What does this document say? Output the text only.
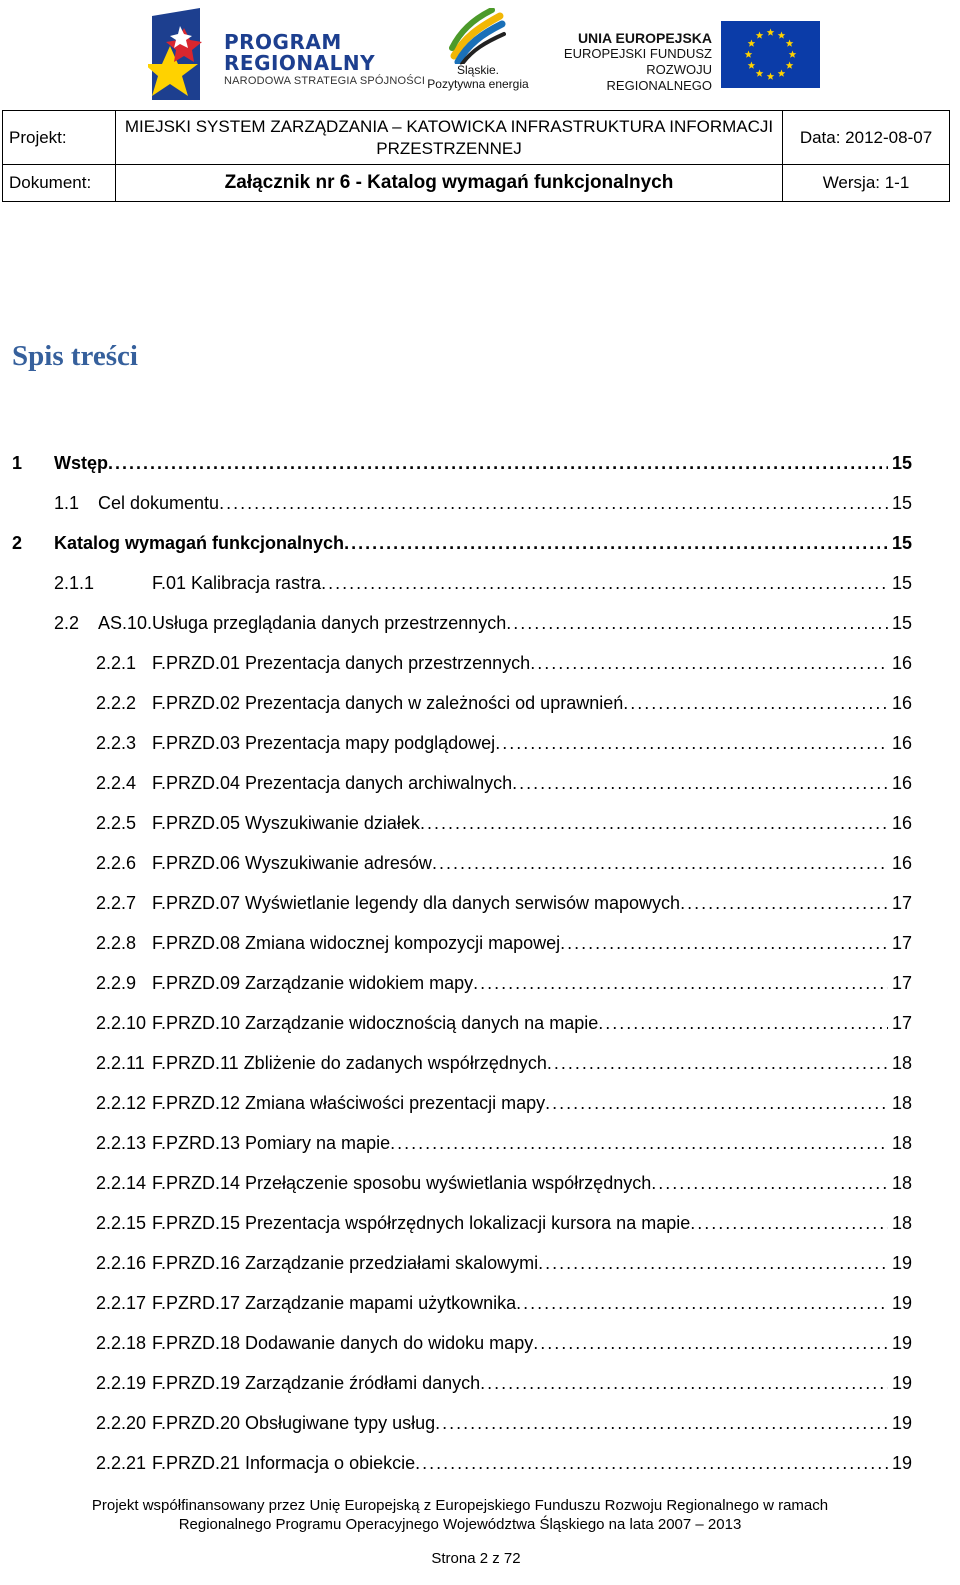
PROGRAM
REGIONALNY
NARODOWA STRATEGIA SPÓJNOŚCI
Śląskie.
Pozytywna energia
UNIA EUROPEJSKA
EUROPEJSKI FUNDUSZ
ROZWOJU REGIONALNEGO
Projekt:	MIEJSKI SYSTEM ZARZĄDZANIA – KATOWICKA INFRASTRUKTURA INFORMACJI
PRZESTRZENNEJ	Data: 2012-08-07
Dokument:	Załącznik nr 6 - Katalog wymagań funkcjonalnych	Wersja: 1-1
Spis treści
1 Wstęp . . .	15
1.1 Cel dokumentu . . .	15
2 Katalog wymagań funkcjonalnych . . .	15
2.1.1	F.01 Kalibracja rastra . . .	15
2.2 AS.10.Usługa przeglądania danych przestrzennych . . .	15
2.2.1 F.PRZD.01 Prezentacja danych przestrzennych . . .	16
2.2.2 F.PRZD.02 Prezentacja danych w zależności od uprawnień . . .	16
2.2.3 F.PRZD.03 Prezentacja mapy podglądowej . . .	16
2.2.4 F.PRZD.04 Prezentacja danych archiwalnych . . .	16
2.2.5 F.PRZD.05 Wyszukiwanie działek . . .	16
2.2.6 F.PRZD.06 Wyszukiwanie adresów . . .	16
2.2.7 F.PRZD.07 Wyświetlanie legendy dla danych serwisów mapowych . . .	17
2.2.8 F.PRZD.08 Zmiana widocznej kompozycji mapowej . . .	17
2.2.9 F.PRZD.09 Zarządzanie widokiem mapy . . .	17
2.2.10 F.PRZD.10 Zarządzanie widocznością danych na mapie . . .	17
2.2.11 F.PRZD.11 Zbliżenie do zadanych współrzędnych . . .	18
2.2.12 F.PRZD.12 Zmiana właściwości prezentacji mapy . . .	18
2.2.13 F.PZRD.13 Pomiary na mapie . . .	18
2.2.14 F.PRZD.14 Przełączenie sposobu wyświetlania współrzędnych . . .	18
2.2.15 F.PRZD.15 Prezentacja współrzędnych lokalizacji kursora na mapie . . .	18
2.2.16 F.PRZD.16 Zarządzanie przedziałami skalowymi . . .	19
2.2.17 F.PZRD.17 Zarządzanie mapami użytkownika . . .	19
2.2.18 F.PRZD.18 Dodawanie danych do widoku mapy . . .	19
2.2.19 F.PRZD.19 Zarządzanie źródłami danych . . .	19
2.2.20 F.PRZD.20 Obsługiwane typy usług . . .	19
2.2.21 F.PRZD.21 Informacja o obiekcie . . .	19
Projekt współfinansowany przez Unię Europejską z Europejskiego Funduszu Rozwoju Regionalnego w ramach
Regionalnego Programu Operacyjnego Województwa Śląskiego na lata 2007 – 2013
Strona 2 z 72
